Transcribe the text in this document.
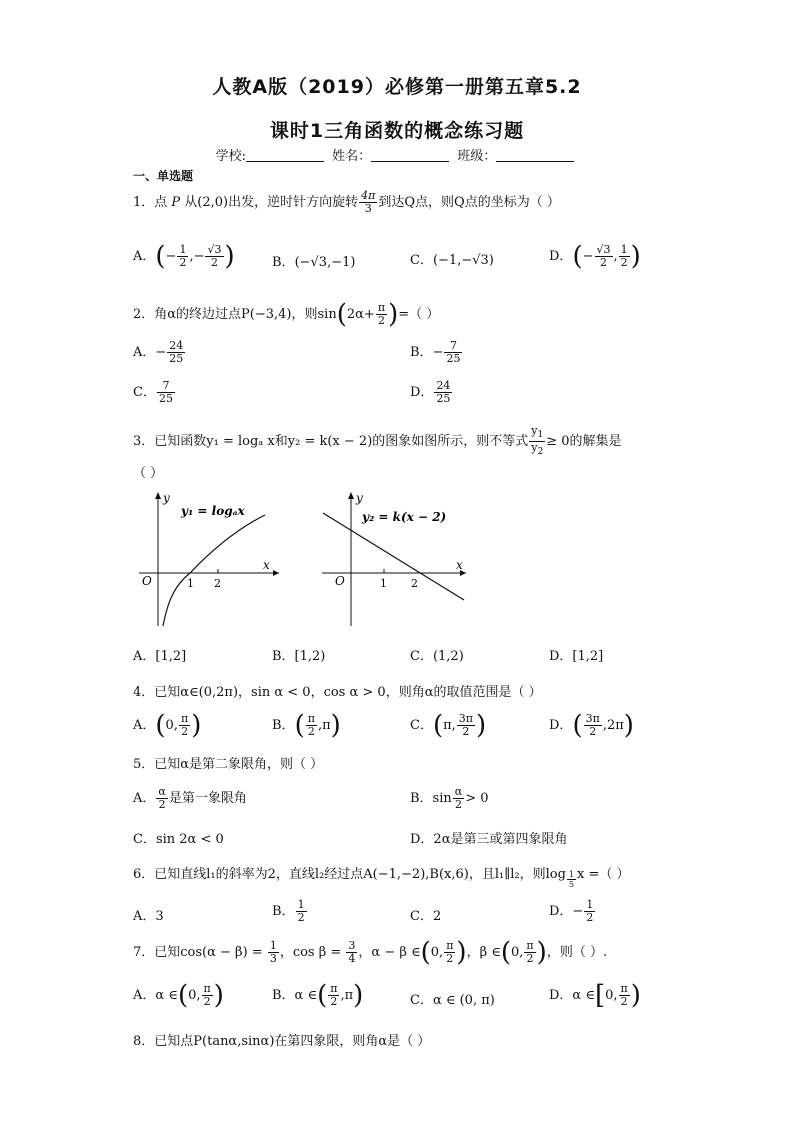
人教A版（2019）必修第一册第五章5.2
课时1三角函数的概念练习题
学校:	姓名：	班级：
一、单选题
1．点 P 从(2,0)出发，逆时针方向旋转 $\frac{4\pi}{3}$ 到达Q点，则Q点的坐标为（ ）
A．(− $\frac{1}{2}$ ,− $\frac{√3}{2}$ )	B．(−√3,−1)	C．(−1,−√3)	D．(− $\frac{√3}{2}$ , $\frac{1}{2}$ )
2．角α的终边过点P(−3,4)，则$\sin(2\alpha+ \frac{\pi}{2}$ )=（ ）
A．− $\frac{24}{25}$	B．− $\frac{7}{25}$
C． $\frac{7}{25}$	D． $\frac{24}{25}$
3．已知函数y₁ = logₐ x和y₂ = k(x − 2)的图象如图所示，则不等式 $\frac{y_1}{y_2} \ge 0$的解集是
（ ）
y
x
O	1 2
y₁ = logₐx
y
x
O	1 2
y₂ = k(x − 2)
A．[1,2]	B．[1,2)	C．(1,2)	D．[1,2]
4．已知α∈(0,2π)，sin α < 0，cos α > 0，则角α的取值范围是（ ）
A．(0, $\frac{\pi}{2}$ )	B．( $\frac{\pi}{2} ,\pi$)	C．(π, $\frac{3\pi}{2}$ )	D．( $\frac{3\pi}{2} ,2\pi$)
5．已知α是第二象限角，则（ ）
A． $\frac{\alpha}{2}$ 是第一象限角	B．$\sin \frac{\alpha}{2} > 0$
C．sin 2α < 0	D．2α是第三或第四象限角
6．已知直线l₁的斜率为2，直线l₂经过点A(−1,−2),B(x,6)，且l₁∥l₂，则log $_{\frac{1}{5}}$ x =（ ）
A．3	B． $\frac{1}{2}$	C．2	D．− $\frac{1}{2}$
7．已知$\cos(\alpha - \beta) = \frac{1}{3}$ ，$\cos \beta = \frac{3}{4}$ ，α − β ∈(0, $\frac{\pi}{2}$ )，β ∈(0, $\frac{\pi}{2}$ )，则（ ）.
A．α ∈(0, $\frac{\pi}{2}$ )	B．α ∈( $\frac{\pi}{2} ,\pi$)	C．α ∈ (0, π)	D．α ∈[0, $\frac{\pi}{2}$ )
8．已知点P(tanα,sinα)在第四象限，则角α是（ ）
